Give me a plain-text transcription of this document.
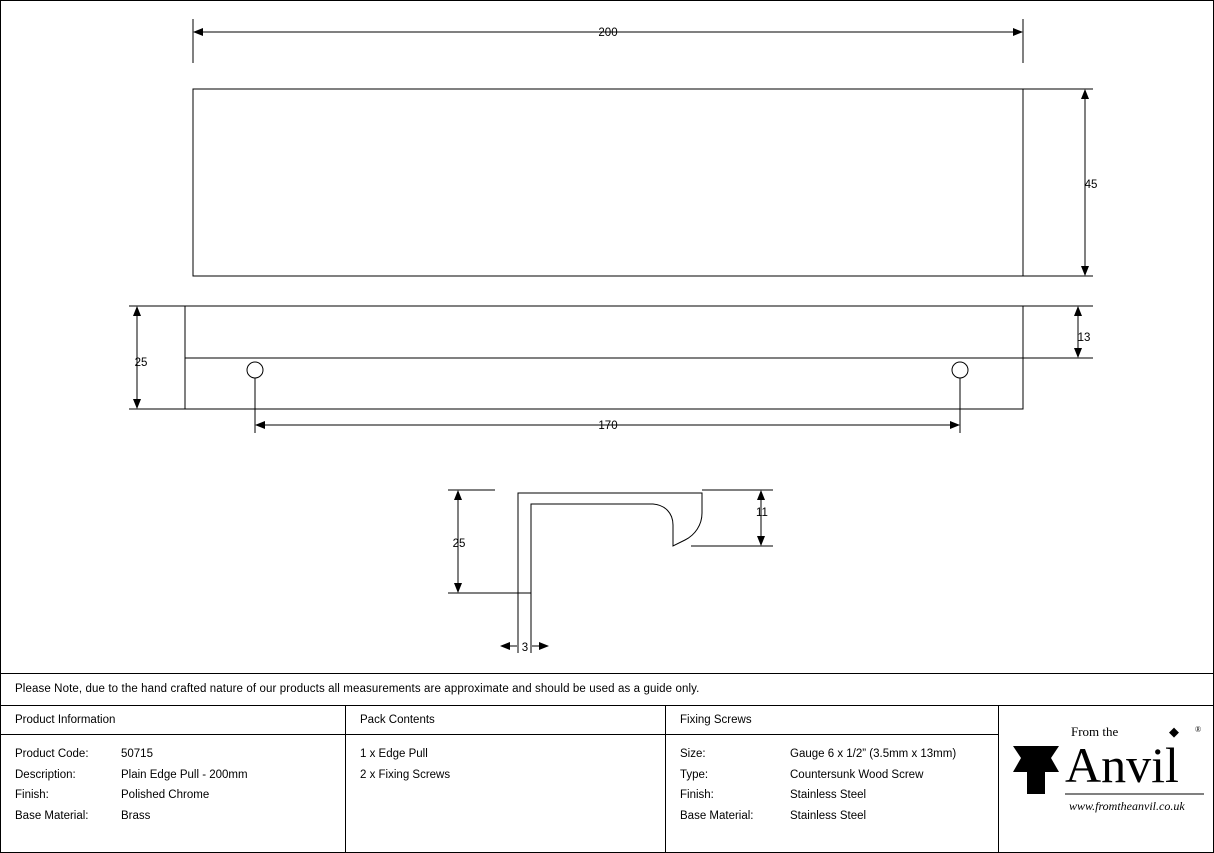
200
45
25
13
170
25
11
3
Please Note, due to the hand crafted nature of our products all measurements are approximate and should be used as a guide only.
Product Information
Product Code:	50715
Description:	Plain Edge Pull - 200mm
Finish:	Polished Chrome
Base Material:	Brass
Pack Contents
1 x Edge Pull
2 x Fixing Screws
Fixing Screws
Size:	Gauge 6 x 1/2” (3.5mm x 13mm)
Type:	Countersunk Wood Screw
Finish:	Stainless Steel
Base Material:	Stainless Steel
From the	◆ ®
Anvil
www.fromtheanvil.co.uk
